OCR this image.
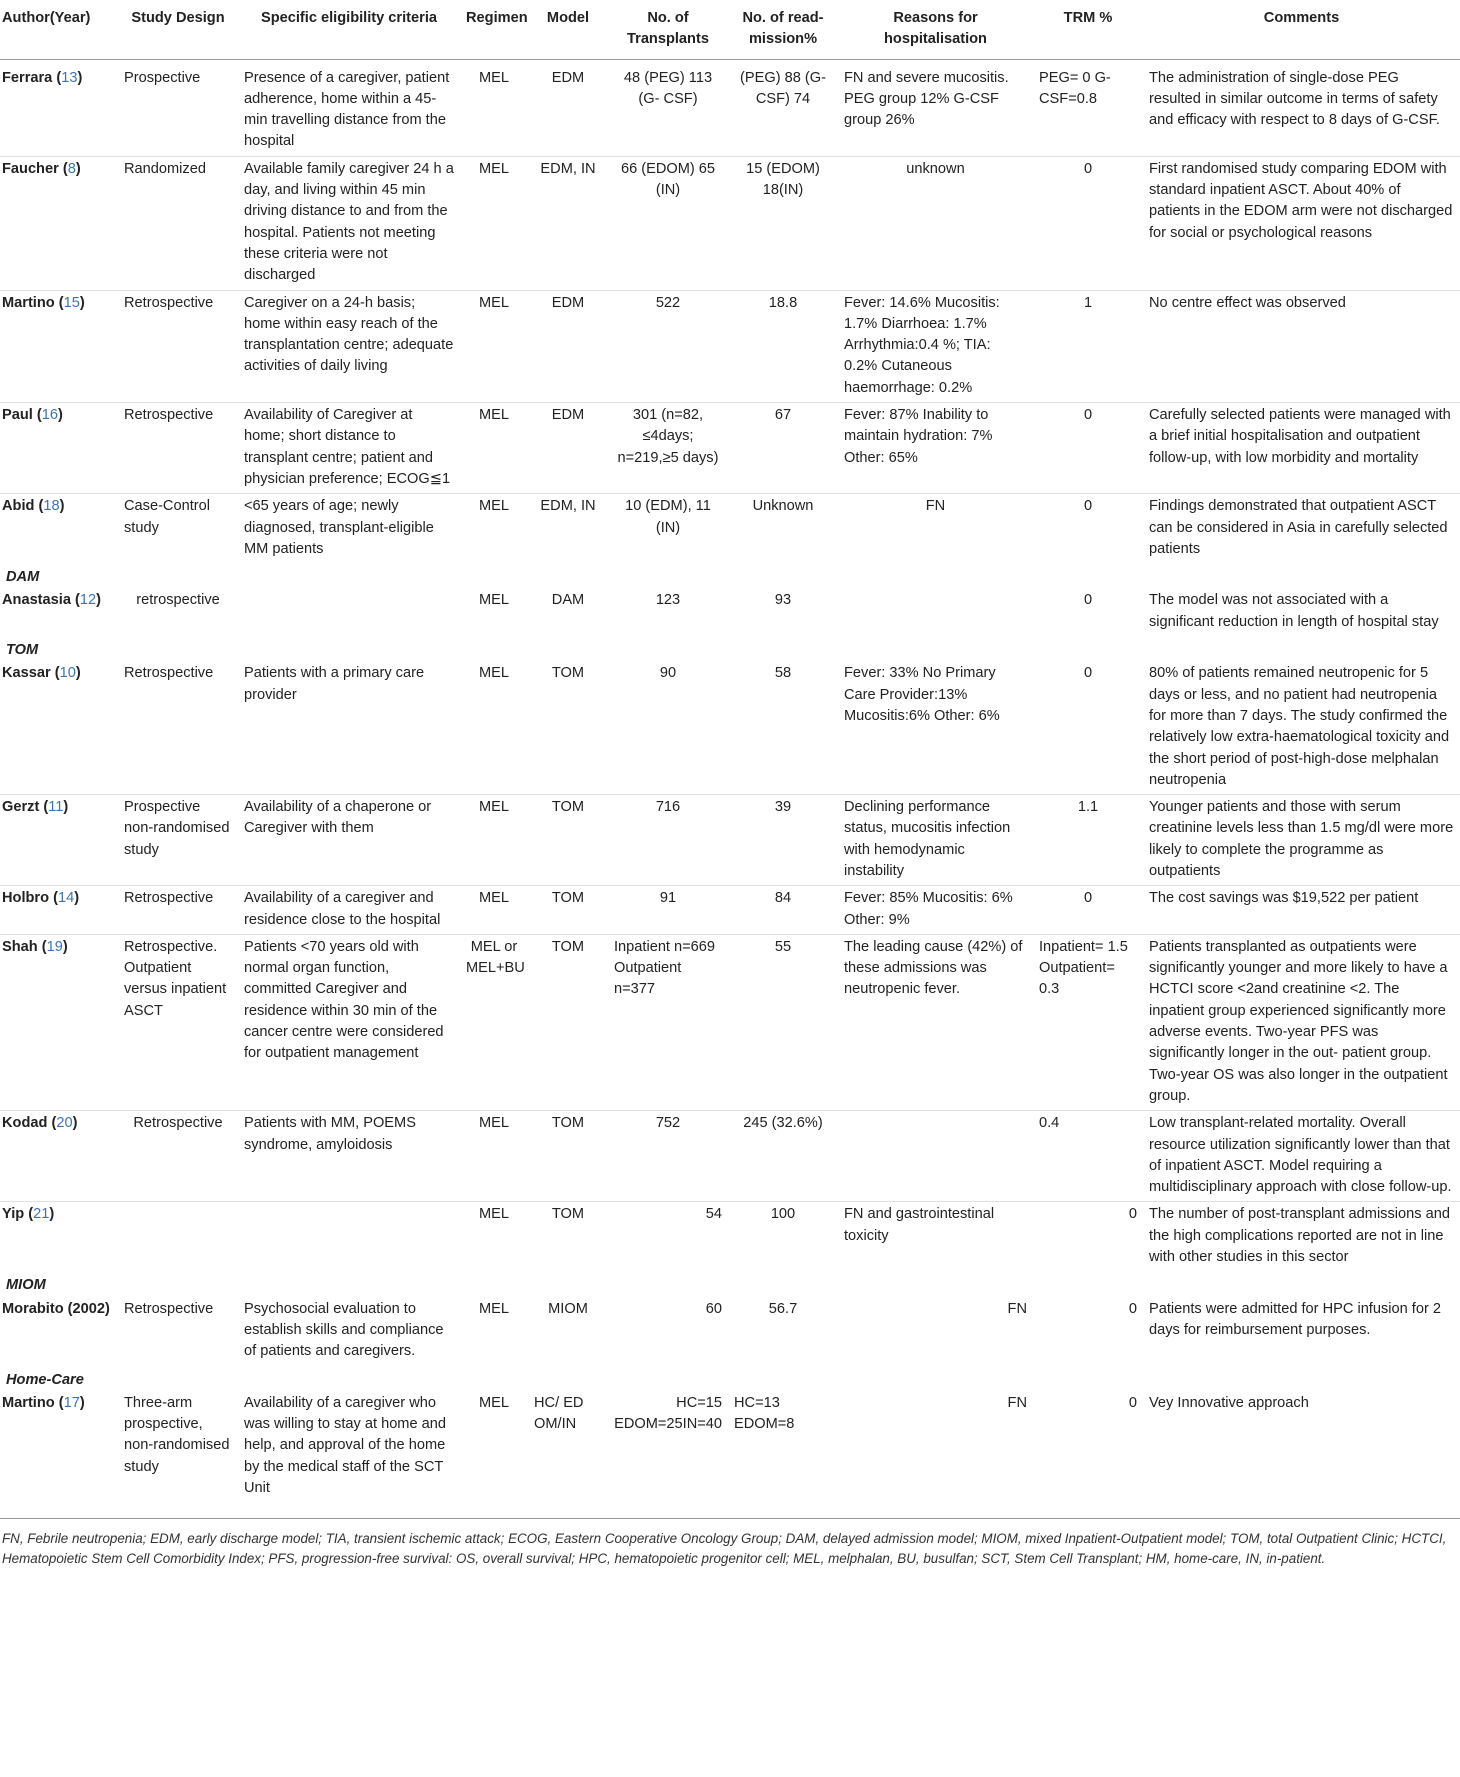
Author(Year)	Study Design	Specific eligibility criteria	Regimen	Model	No. of Transplants	No. of read-mission%	Reasons for hospitalisation	TRM %	Comments
Ferrara (13)	Prospective	Presence of a caregiver, patient adherence, home within a 45-min travelling distance from the hospital	MEL	EDM	48 (PEG) 113 (G- CSF)	(PEG) 88 (G-CSF) 74	FN and severe mucositis. PEG group 12% G-CSF group 26%	PEG= 0 G-CSF=0.8	The administration of single-dose PEG resulted in similar outcome in terms of safety and efficacy with respect to 8 days of G-CSF.
Faucher (8)	Randomized	Available family caregiver 24 h a day, and living within 45 min driving distance to and from the hospital. Patients not meeting these criteria were not discharged	MEL	EDM, IN	66 (EDOM) 65 (IN)	15 (EDOM) 18(IN)	unknown	0	First randomised study comparing EDOM with standard inpatient ASCT. About 40% of patients in the EDOM arm were not discharged for social or psychological reasons
Martino (15)	Retrospective	Caregiver on a 24-h basis; home within easy reach of the transplantation centre; adequate activities of daily living	MEL	EDM	522	18.8	Fever: 14.6% Mucositis: 1.7% Diarrhoea: 1.7% Arrhythmia:0.4 %; TIA: 0.2% Cutaneous haemorrhage: 0.2%	1	No centre effect was observed
Paul (16)	Retrospective	Availability of Caregiver at home; short distance to transplant centre; patient and physician preference; ECOG≦1	MEL	EDM	301 (n=82, ≤4days; n=219,≥5 days)	67	Fever: 87% Inability to maintain hydration: 7% Other: 65%	0	Carefully selected patients were managed with a brief initial hospitalisation and outpatient follow-up, with low morbidity and mortality
Abid (18)	Case-Control study	<65 years of age; newly diagnosed, transplant-eligible MM patients	MEL	EDM, IN	10 (EDM), 11 (IN)	Unknown	FN	0	Findings demonstrated that outpatient ASCT can be considered in Asia in carefully selected patients
DAM									
Anastasia (12)	retrospective		MEL	DAM	123	93		0	The model was not associated with a significant reduction in length of hospital stay
TOM									
Kassar (10)	Retrospective	Patients with a primary care provider	MEL	TOM	90	58	Fever: 33% No Primary Care Provider:13% Mucositis:6% Other: 6%	0	80% of patients remained neutropenic for 5 days or less, and no patient had neutropenia for more than 7 days. The study confirmed the relatively low extra-haematological toxicity and the short period of post-high-dose melphalan neutropenia
Gerzt (11)	Prospective non-randomised study	Availability of a chaperone or Caregiver with them	MEL	TOM	716	39	Declining performance status, mucositis infection with hemodynamic instability	1.1	Younger patients and those with serum creatinine levels less than 1.5 mg/dl were more likely to complete the programme as outpatients
Holbro (14)	Retrospective	Availability of a caregiver and residence close to the hospital	MEL	TOM	91	84	Fever: 85% Mucositis: 6% Other: 9%	0	The cost savings was $19,522 per patient
Shah (19)	Retrospective. Outpatient versus inpatient ASCT	Patients <70 years old with normal organ function, committed Caregiver and residence within 30 min of the cancer centre were considered for outpatient management	MEL or MEL+BU	TOM	Inpatient n=669 Outpatient n=377	55	The leading cause (42%) of these admissions was neutropenic fever.	Inpatient= 1.5 Outpatient= 0.3	Patients transplanted as outpatients were significantly younger and more likely to have a HCTCI score <2and creatinine <2. The inpatient group experienced significantly more adverse events. Two-year PFS was significantly longer in the out- patient group. Two-year OS was also longer in the outpatient group.
Kodad (20)	Retrospective	Patients with MM, POEMS syndrome, amyloidosis	MEL	TOM	752	245 (32.6%)		0.4	Low transplant-related mortality. Overall resource utilization significantly lower than that of inpatient ASCT. Model requiring a multidisciplinary approach with close follow-up.
Yip (21)			MEL	TOM	54	100	FN and gastrointestinal toxicity	0	The number of post-transplant admissions and the high complications reported are not in line with other studies in this sector
MIOM									
Morabito (2002)	Retrospective	Psychosocial evaluation to establish skills and compliance of patients and caregivers.	MEL	MIOM	60	56.7	FN	0	Patients were admitted for HPC infusion for 2 days for reimbursement purposes.
Home-Care									
Martino (17)	Three-arm prospective, non-randomised study	Availability of a caregiver who was willing to stay at home and help, and approval of the home by the medical staff of the SCT Unit	MEL	HC/ ED OM/IN	HC=15 EDOM=25IN=40	HC=13 EDOM=8	FN	0	Vey Innovative approach
FN, Febrile neutropenia; EDM, early discharge model; TIA, transient ischemic attack; ECOG, Eastern Cooperative Oncology Group; DAM, delayed admission model; MIOM, mixed Inpatient-Outpatient model; TOM, total Outpatient Clinic; HCTCI, Hematopoietic Stem Cell Comorbidity Index; PFS, progression-free survival: OS, overall survival; HPC, hematopoietic progenitor cell; MEL, melphalan, BU, busulfan; SCT, Stem Cell Transplant; HM, home-care, IN, in-patient.
